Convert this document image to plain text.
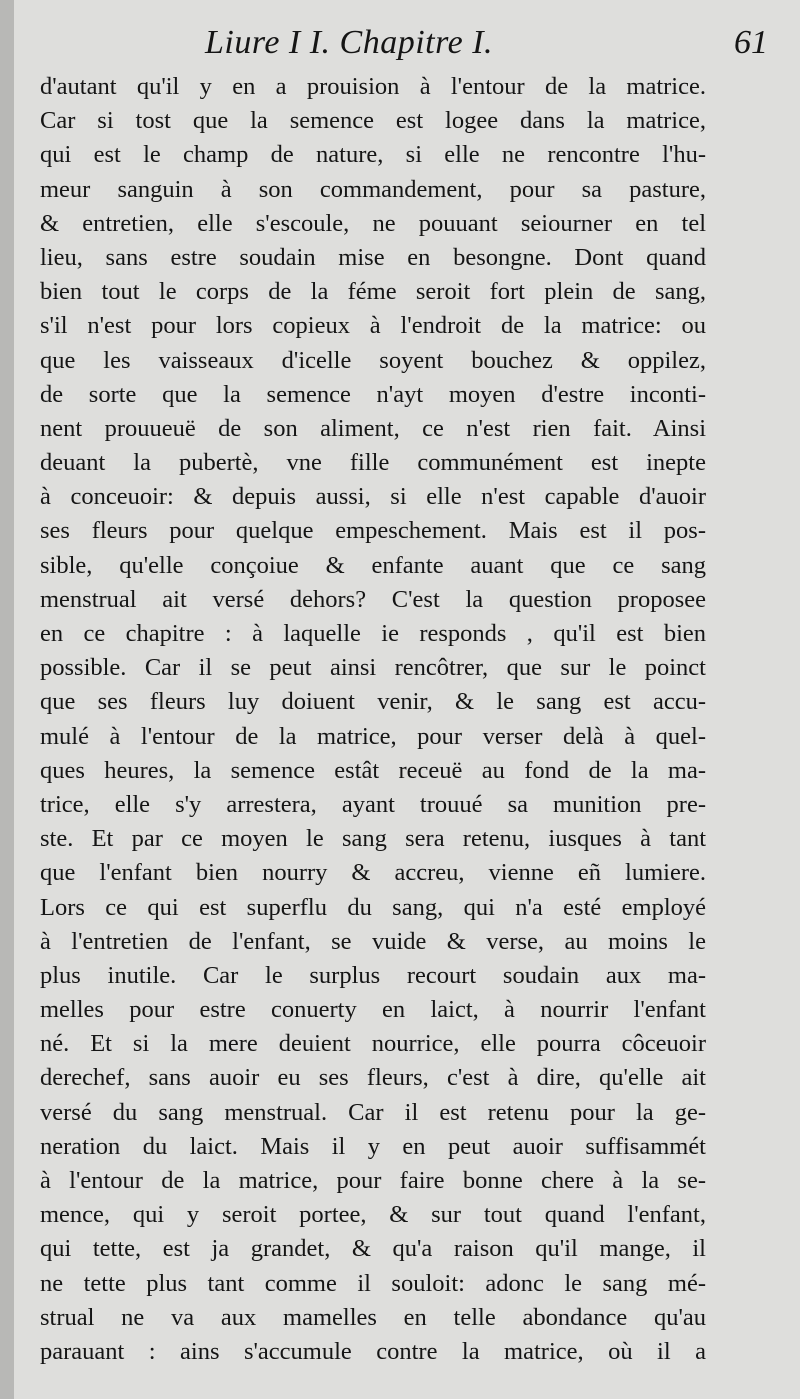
Liure I I. Chapitre I.	61
d'autant qu'il y en a prouision à l'entour de la matrice.
Car si tost que la semence est logee dans la matrice,
qui est le champ de nature, si elle ne rencontre l'hu-
meur sanguin à son commandement, pour sa pasture,
& entretien, elle s'escoule, ne pouuant seiourner en tel
lieu, sans estre soudain mise en besongne. Dont quand
bien tout le corps de la féme seroit fort plein de sang,
s'il n'est pour lors copieux à l'endroit de la matrice: ou
que les vaisseaux d'icelle soyent bouchez & oppilez,
de sorte que la semence n'ayt moyen d'estre inconti-
nent prouueuë de son aliment, ce n'est rien fait. Ainsi
deuant la pubertè, vne fille communément est inepte
à conceuoir: & depuis aussi, si elle n'est capable d'auoir
ses fleurs pour quelque empeschement. Mais est il pos-
sible, qu'elle conçoiue & enfante auant que ce sang
menstrual ait versé dehors? C'est la question proposee
en ce chapitre : à laquelle ie responds , qu'il est bien
possible. Car il se peut ainsi rencôtrer, que sur le poinct
que ses fleurs luy doiuent venir, & le sang est accu-
mulé à l'entour de la matrice, pour verser delà à quel-
ques heures, la semence estât receuë au fond de la ma-
trice, elle s'y arrestera, ayant trouué sa munition pre-
ste. Et par ce moyen le sang sera retenu, iusques à tant
que l'enfant bien nourry & accreu, vienne eñ lumiere.
Lors ce qui est superflu du sang, qui n'a esté employé
à l'entretien de l'enfant, se vuide & verse, au moins le
plus inutile. Car le surplus recourt soudain aux ma-
melles pour estre conuerty en laict, à nourrir l'enfant
né. Et si la mere deuient nourrice, elle pourra côceuoir
derechef, sans auoir eu ses fleurs, c'est à dire, qu'elle ait
versé du sang menstrual. Car il est retenu pour la ge-
neration du laict. Mais il y en peut auoir suffisammét
à l'entour de la matrice, pour faire bonne chere à la se-
mence, qui y seroit portee, & sur tout quand l'enfant,
qui tette, est ja grandet, & qu'a raison qu'il mange, il
ne tette plus tant comme il souloit: adonc le sang mé-
strual ne va aux mamelles en telle abondance qu'au
parauant : ains s'accumule contre la matrice, où il a
